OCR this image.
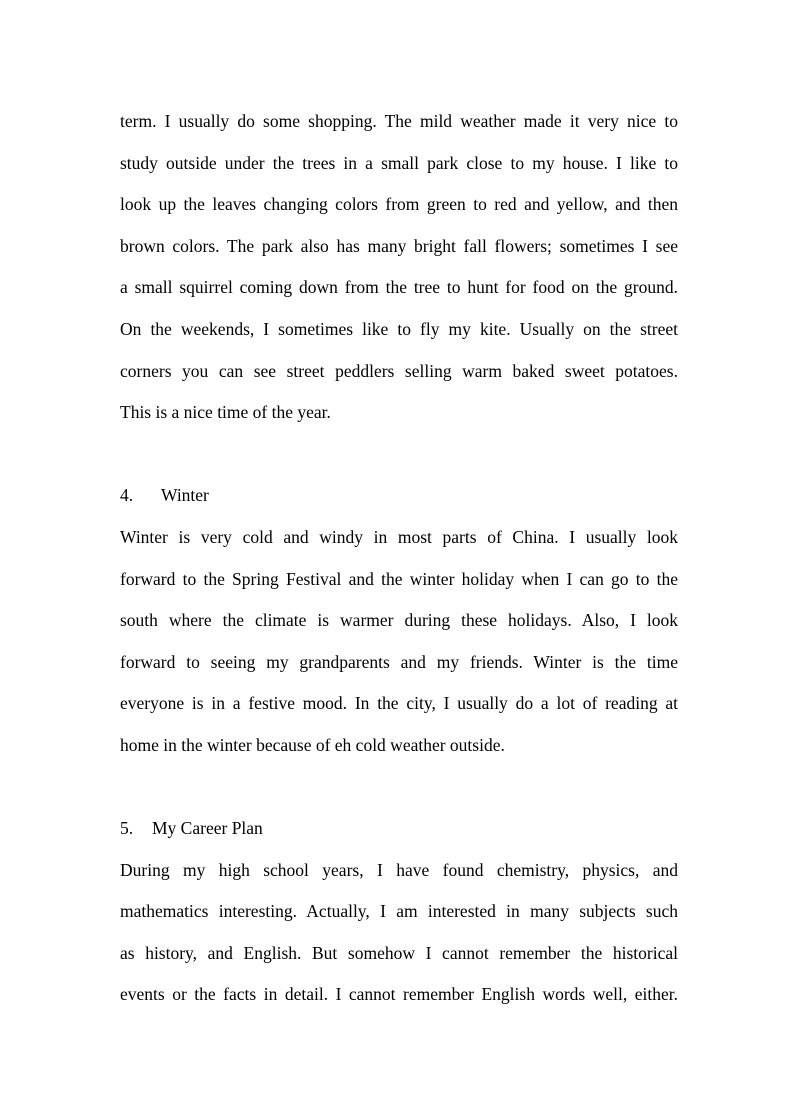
term. I usually do some shopping. The mild weather made it very nice to

study outside under the trees in a small park close to my house. I like to

look up the leaves changing colors from green to red and yellow, and then

brown colors. The park also has many bright fall flowers; sometimes I see

a small squirrel coming down from the tree to hunt for food on the ground.

On the weekends, I sometimes like to fly my kite. Usually on the street

corners you can see street peddlers selling warm baked sweet potatoes.

This is a nice time of the year.

4.	Winter

Winter is very cold and windy in most parts of China. I usually look

forward to the Spring Festival and the winter holiday when I can go to the

south where the climate is warmer during these holidays. Also, I look

forward to seeing my grandparents and my friends. Winter is the time

everyone is in a festive mood. In the city, I usually do a lot of reading at

home in the winter because of eh cold weather outside.

5.	My Career Plan

During my high school years, I have found chemistry, physics, and

mathematics interesting. Actually, I am interested in many subjects such

as history, and English. But somehow I cannot remember the historical

events or the facts in detail. I cannot remember English words well, either.
